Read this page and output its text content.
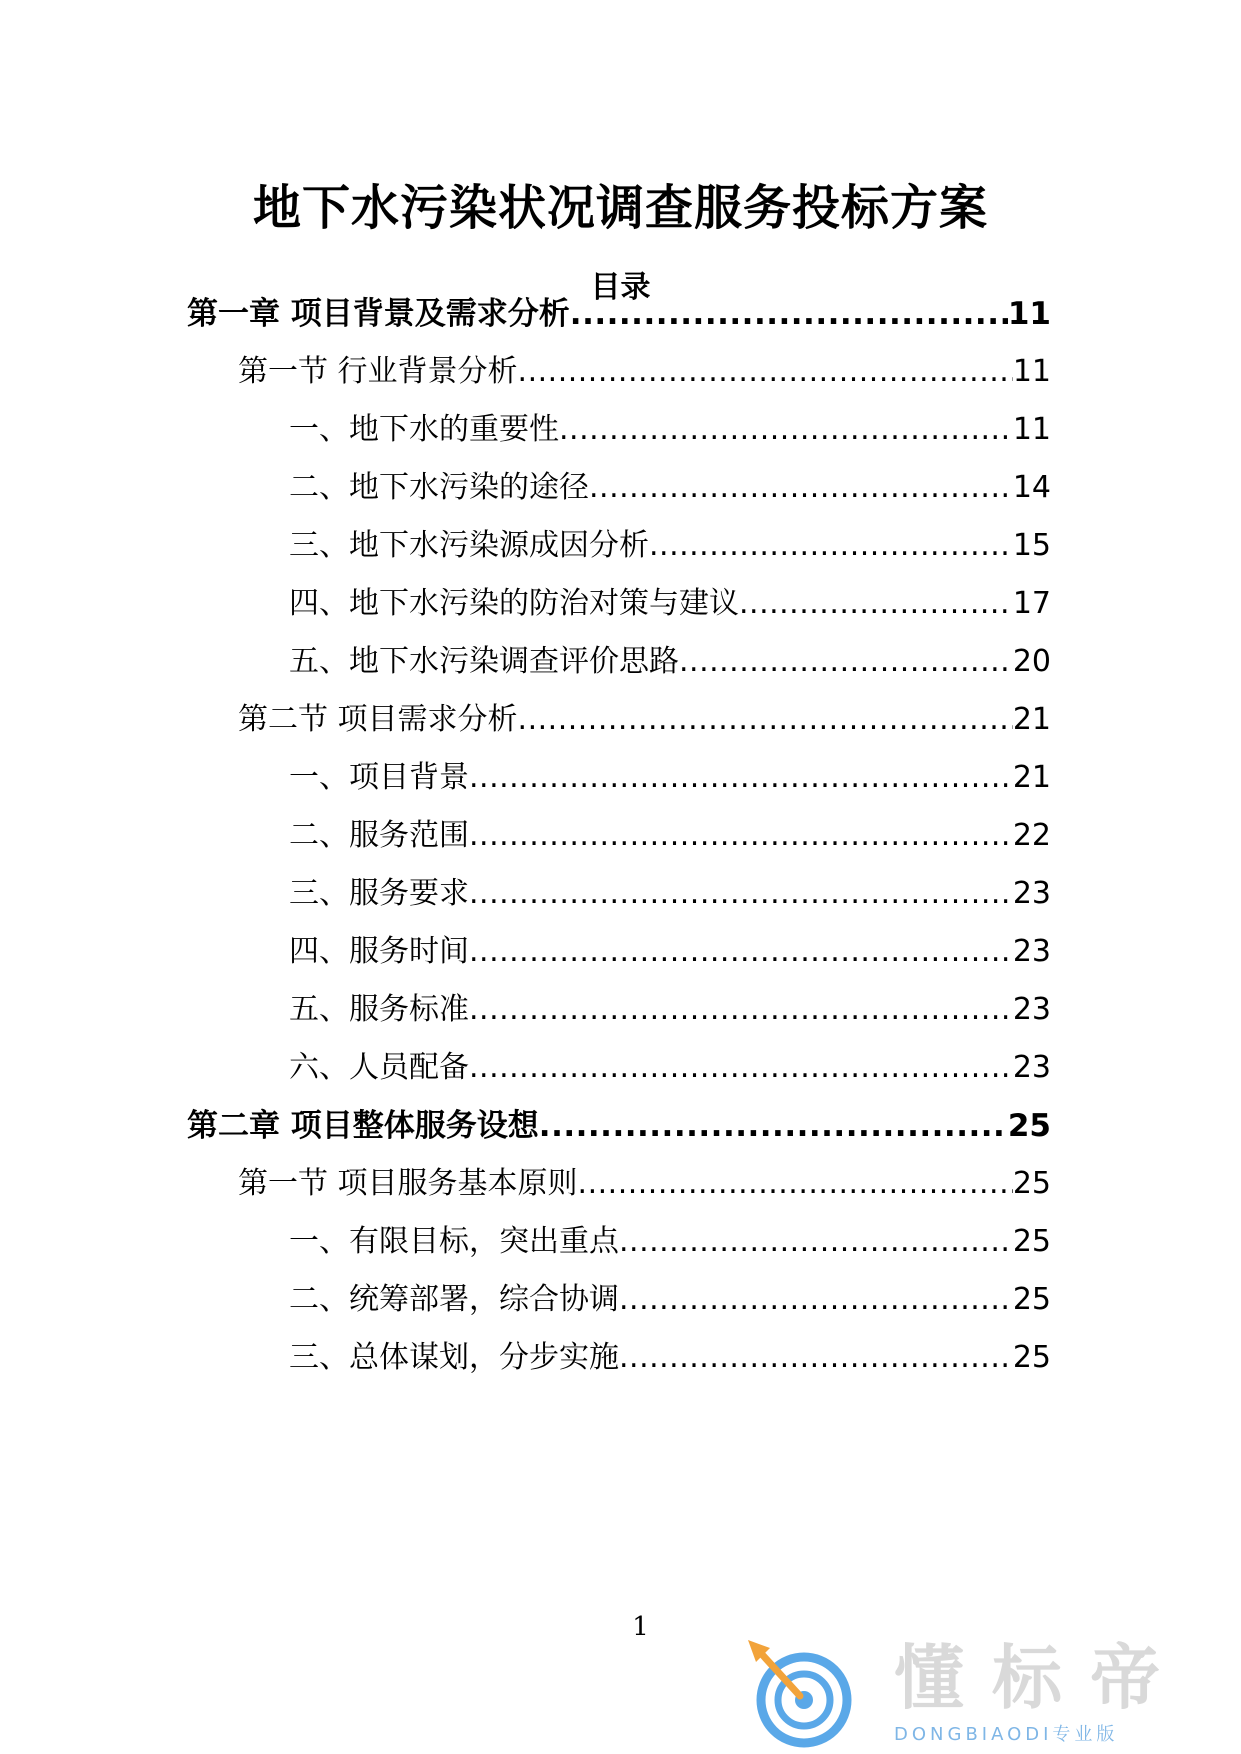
地下水污染状况调查服务投标方案
目录
第一章 项目背景及需求分析 .....	11
第一节 行业背景分析 .....	11
一、地下水的重要性 .....	11
二、地下水污染的途径 .....	14
三、地下水污染源成因分析 .....	15
四、地下水污染的防治对策与建议 .....	17
五、地下水污染调查评价思路 .....	20
第二节 项目需求分析 .....	21
一、项目背景 .....	21
二、服务范围 .....	22
三、服务要求 .....	23
四、服务时间 .....	23
五、服务标准 .....	23
六、人员配备 .....	23
第二章 项目整体服务设想 .....	25
第一节 项目服务基本原则 .....	25
一、有限目标，突出重点 .....	25
二、统筹部署，综合协调 .....	25
三、总体谋划，分步实施 .....	25
1
懂标帝
DONGBIAODI专业版
